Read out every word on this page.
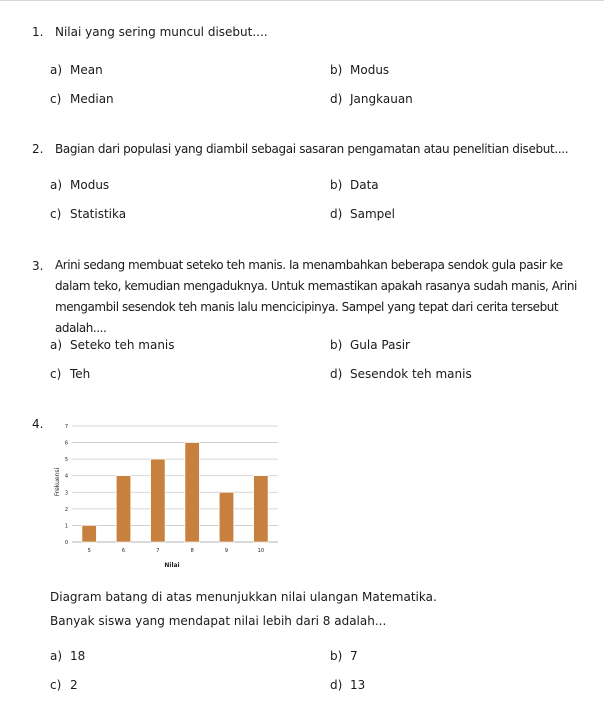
1. Nilai yang sering muncul disebut....
a) Mean	b) Modus
c) Median	d) Jangkauan
2. Bagian dari populasi yang diambil sebagai sasaran pengamatan atau penelitian disebut....
a) Modus	b) Data
c) Statistika	d) Sampel
3. Arini sedang membuat seteko teh manis. Ia menambahkan beberapa sendok gula pasir ke dalam teko, kemudian mengaduknya. Untuk memastikan apakah rasanya sudah manis, Arini mengambil sesendok teh manis lalu mencicipinya. Sampel yang tepat dari cerita tersebut adalah....
a) Seteko teh manis	b) Gula Pasir
c) Teh	d) Sesendok teh manis
4.
0
1
2
3
4
5
6
7
5	6	7	8	9	10
Nilai
Frekuensi
Diagram batang di atas menunjukkan nilai ulangan Matematika.
Banyak siswa yang mendapat nilai lebih dari 8 adalah...
a) 18	b) 7
c) 2	d) 13
